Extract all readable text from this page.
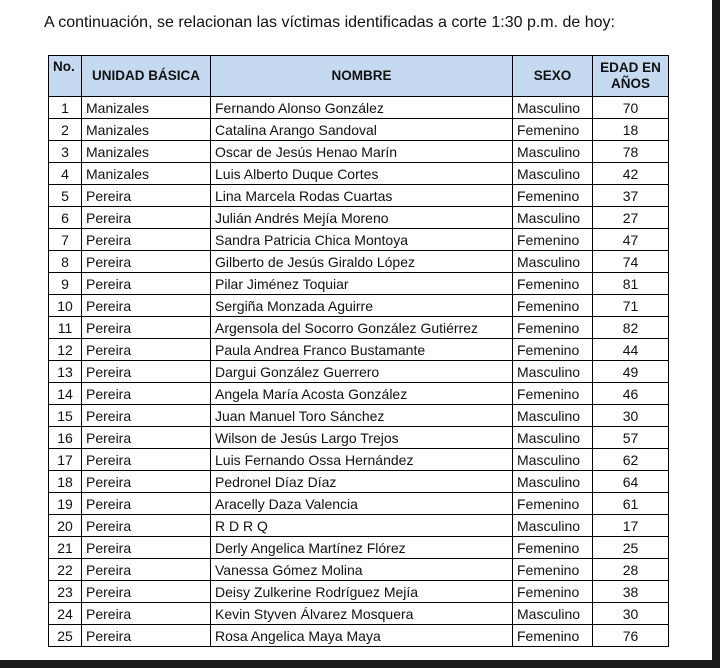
A continuación, se relacionan las víctimas identificadas a corte 1:30 p.m. de hoy:
No.	UNIDAD BÁSICA	NOMBRE	SEXO	EDAD EN
AÑOS
1	Manizales	Fernando Alonso González	Masculino	70
2	Manizales	Catalina Arango Sandoval	Femenino	18
3	Manizales	Oscar de Jesús Henao Marín	Masculino	78
4	Manizales	Luis Alberto Duque Cortes	Masculino	42
5	Pereira	Lina Marcela Rodas Cuartas	Femenino	37
6	Pereira	Julián Andrés Mejía Moreno	Masculino	27
7	Pereira	Sandra Patricia Chica Montoya	Femenino	47
8	Pereira	Gilberto de Jesús Giraldo López	Masculino	74
9	Pereira	Pilar Jiménez Toquiar	Femenino	81
10	Pereira	Sergiña Monzada Aguirre	Femenino	71
11	Pereira	Argensola del Socorro González Gutiérrez	Femenino	82
12	Pereira	Paula Andrea Franco Bustamante	Femenino	44
13	Pereira	Dargui González Guerrero	Masculino	49
14	Pereira	Angela María Acosta González	Femenino	46
15	Pereira	Juan Manuel Toro Sánchez	Masculino	30
16	Pereira	Wilson de Jesús Largo Trejos	Masculino	57
17	Pereira	Luis Fernando Ossa Hernández	Masculino	62
18	Pereira	Pedronel Díaz Díaz	Masculino	64
19	Pereira	Aracelly Daza Valencia	Femenino	61
20	Pereira	R D R Q	Masculino	17
21	Pereira	Derly Angelica Martínez Flórez	Femenino	25
22	Pereira	Vanessa Gómez Molina	Femenino	28
23	Pereira	Deisy Zulkerine Rodríguez Mejía	Femenino	38
24	Pereira	Kevin Styven Álvarez Mosquera	Masculino	30
25	Pereira	Rosa Angelica Maya Maya	Femenino	76
